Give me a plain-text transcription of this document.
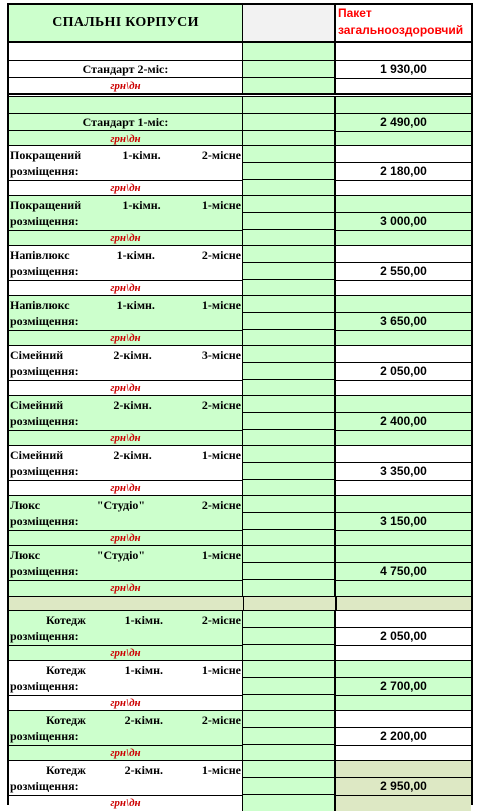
СПАЛЬНІ КОРПУСИ
Пакет загальнооздоровчий
Стандарт 2-міс:	1 930,00
грн\дн
Стандарт 1-міс:	2 490,00
грн\дн
Покращений	1-кімн.	2-місне
розміщення:	2 180,00
грн\дн
Покращений	1-кімн.	1-місне
розміщення:	3 000,00
грн\дн
Напівлюкс	1-кімн.	2-місне
розміщення:	2 550,00
грн\дн
Напівлюкс	1-кімн.	1-місне
розміщення:	3 650,00
грн\дн
Сімейний	2-кімн.	3-місне
розміщення:	2 050,00
грн\дн
Сімейний	2-кімн.	2-місне
розміщення:	2 400,00
грн\дн
Сімейний	2-кімн.	1-місне
розміщення:	3 350,00
грн\дн
Люкс	"Студіо"	2-місне
розміщення:	3 150,00
грн\дн
Люкс	"Студіо"	1-місне
розміщення:	4 750,00
грн\дн
Котедж	1-кімн.	2-місне
розміщення:	2 050,00
грн\дн
Котедж	1-кімн.	1-місне
розміщення:	2 700,00
грн\дн
Котедж	2-кімн.	2-місне
розміщення:	2 200,00
грн\дн
Котедж	2-кімн.	1-місне
розміщення:	2 950,00
грн\дн
